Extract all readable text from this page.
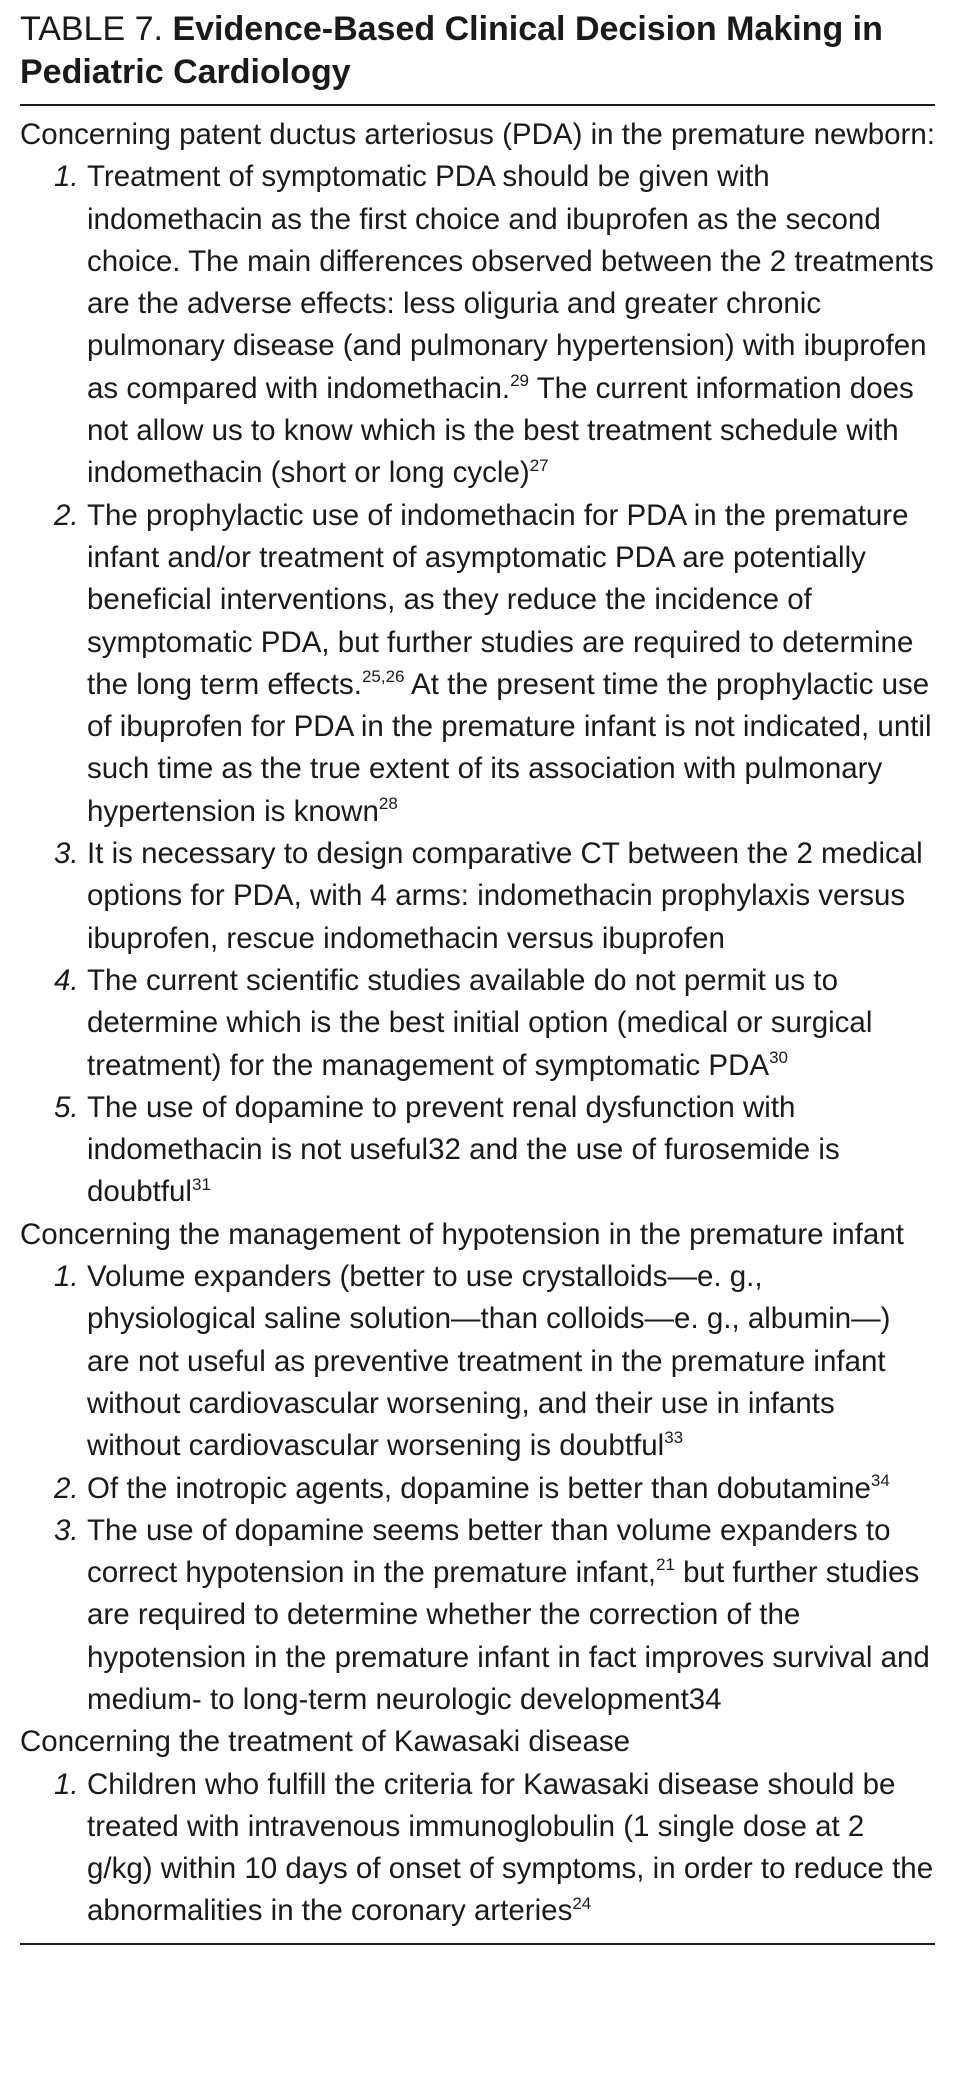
TABLE 7. Evidence-Based Clinical Decision Making in Pediatric Cardiology

Concerning patent ductus arteriosus (PDA) in the premature newborn:

1. Treatment of symptomatic PDA should be given with indomethacin as the first choice and ibuprofen as the second choice. The main differences observed between the 2 treatments are the adverse effects: less oliguria and greater chronic pulmonary disease (and pulmonary hypertension) with ibuprofen as compared with indomethacin.$^{29}$ The current information does not allow us to know which is the best treatment schedule with indomethacin (short or long cycle)$^{27}$

2. The prophylactic use of indomethacin for PDA in the premature infant and/or treatment of asymptomatic PDA are potentially beneficial interventions, as they reduce the incidence of symptomatic PDA, but further studies are required to determine the long term effects.$^{25,26}$ At the present time the prophylactic use of ibuprofen for PDA in the premature infant is not indicated, until such time as the true extent of its association with pulmonary hypertension is known$^{28}$

3. It is necessary to design comparative CT between the 2 medical options for PDA, with 4 arms: indomethacin prophylaxis versus ibuprofen, rescue indomethacin versus ibuprofen

4. The current scientific studies available do not permit us to determine which is the best initial option (medical or surgical treatment) for the management of symptomatic PDA$^{30}$

5. The use of dopamine to prevent renal dysfunction with indomethacin is not useful32 and the use of furosemide is doubtful$^{31}$

Concerning the management of hypotension in the premature infant

1. Volume expanders (better to use crystalloids—e. g., physiological saline solution—than colloids—e. g., albumin—) are not useful as preventive treatment in the premature infant without cardiovascular worsening, and their use in infants without cardiovascular worsening is doubtful$^{33}$

2. Of the inotropic agents, dopamine is better than dobutamine$^{34}$

3. The use of dopamine seems better than volume expanders to correct hypotension in the premature infant,$^{21}$ but further studies are required to determine whether the correction of the hypotension in the premature infant in fact improves survival and medium- to long-term neurologic development34

Concerning the treatment of Kawasaki disease

1. Children who fulfill the criteria for Kawasaki disease should be treated with intravenous immunoglobulin (1 single dose at 2 g/kg) within 10 days of onset of symptoms, in order to reduce the abnormalities in the coronary arteries$^{24}$
